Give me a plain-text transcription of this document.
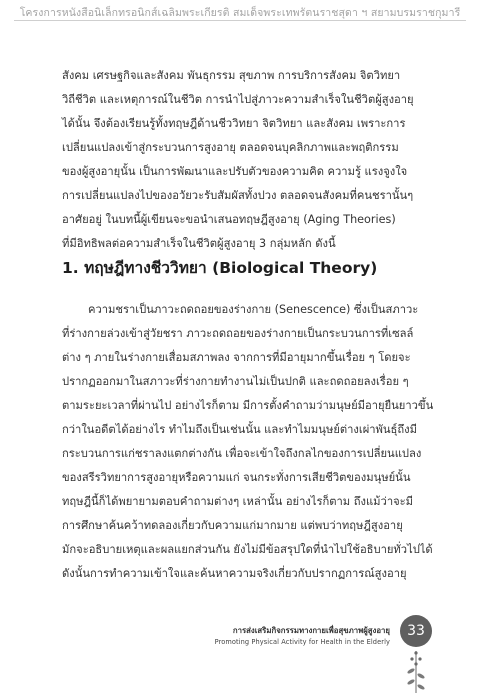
โครงการหนังสือนิเล็กทรอนิกส์เฉลิมพระเกียรติ สมเด็จพระเทพรัตนราชสุดา ฯ สยามบรมราชกุมารี
สังคม เศรษฐกิจและสังคม พันธุกรรม สุขภาพ การบริการสังคม จิตวิทยา
วิถีชีวิต และเหตุการณ์ในชีวิต การนำไปสู่ภาวะความสำเร็จในชีวิตผู้สูงอายุ
ได้นั้น จึงต้องเรียนรู้ทั้งทฤษฎีด้านชีววิทยา จิตวิทยา และสังคม เพราะการ
เปลี่ยนแปลงเข้าสู่กระบวนการสูงอายุ ตลอดจนบุคลิกภาพและพฤติกรรม
ของผู้สูงอายุนั้น เป็นการพัฒนาและปรับตัวของความคิด ความรู้ แรงจูงใจ
การเปลี่ยนแปลงไปของอวัยวะรับสัมผัสทั้งปวง ตลอดจนสังคมที่คนชรานั้นๆ
อาศัยอยู่ ในบทนี้ผู้เขียนจะขอนำเสนอทฤษฎีสูงอายุ (Aging Theories)
ที่มีอิทธิพลต่อความสำเร็จในชีวิตผู้สูงอายุ 3 กลุ่มหลัก ดังนี้
1. ทฤษฎีทางชีววิทยา (Biological Theory)
ความชราเป็นภาวะถดถอยของร่างกาย (Senescence) ซึ่งเป็นสภาวะ
ที่ร่างกายล่วงเข้าสู่วัยชรา ภาวะถดถอยของร่างกายเป็นกระบวนการที่เซลล์
ต่าง ๆ ภายในร่างกายเสื่อมสภาพลง จากการที่มีอายุมากขึ้นเรื่อย ๆ โดยจะ
ปรากฏออกมาในสภาวะที่ร่างกายทำงานไม่เป็นปกติ และถดถอยลงเรื่อย ๆ
ตามระยะเวลาที่ผ่านไป อย่างไรก็ตาม มีการตั้งคำถามว่ามนุษย์มีอายุยืนยาวขึ้น
กว่าในอดีตได้อย่างไร ทำไมถึงเป็นเช่นนั้น และทำไมมนุษย์ต่างเผ่าพันธุ์ถึงมี
กระบวนการแก่ชราลงแตกต่างกัน เพื่อจะเข้าใจถึงกลไกของการเปลี่ยนแปลง
ของสรีรวิทยาการสูงอายุหรือความแก่ จนกระทั่งการเสียชีวิตของมนุษย์นั้น
ทฤษฎีนี้ก็ได้พยายามตอบคำถามต่างๆ เหล่านั้น อย่างไรก็ตาม ถึงแม้ว่าจะมี
การศึกษาค้นคว้าทดลองเกี่ยวกับความแก่มากมาย แต่พบว่าทฤษฎีสูงอายุ
มักจะอธิบายเหตุและผลแยกส่วนกัน ยังไม่มีข้อสรุปใดที่นำไปใช้อธิบายทั่วไปได้
ดังนั้นการทำความเข้าใจและค้นหาความจริงเกี่ยวกับปรากฏการณ์สูงอายุ
การส่งเสริมกิจกรรมทางกายเพื่อสุขภาพผู้สูงอายุ
Promoting Physical Activity for Health in the Elderly
33
